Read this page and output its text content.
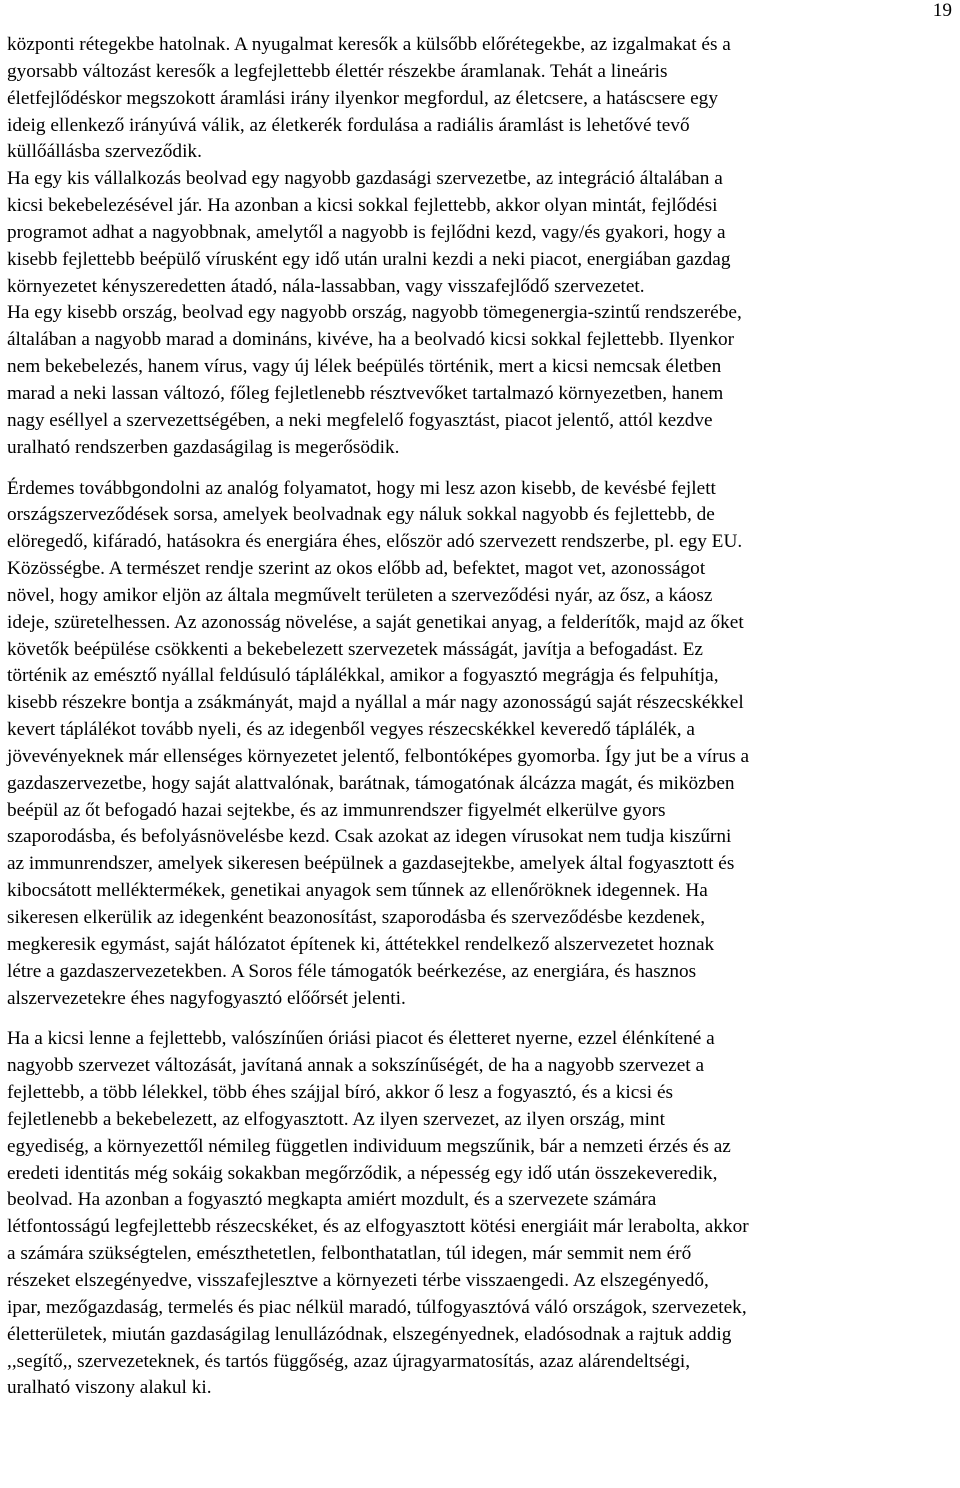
19

központi rétegekbe hatolnak. A nyugalmat keresők a külsőbb előrétegekbe, az izgalmakat és a
gyorsabb változást keresők a legfejlettebb élettér részekbe áramlanak. Tehát a lineáris
életfejlődéskor megszokott áramlási irány ilyenkor megfordul, az életcsere, a hatáscsere egy
ideig ellenkező irányúvá válik, az életkerék fordulása a radiális áramlást is lehetővé tevő
küllőállásba szerveződik.
Ha egy kis vállalkozás beolvad egy nagyobb gazdasági szervezetbe, az integráció általában a
kicsi bekebelezésével jár. Ha azonban a kicsi sokkal fejlettebb, akkor olyan mintát, fejlődési
programot adhat a nagyobbnak, amelytől a nagyobb is fejlődni kezd, vagy/és gyakori, hogy a
kisebb fejlettebb beépülő vírusként egy idő után uralni kezdi a neki piacot, energiában gazdag
környezetet kényszeredetten átadó, nála-lassabban, vagy visszafejlődő szervezetet.
Ha egy kisebb ország, beolvad egy nagyobb ország, nagyobb tömegenergia-szintű rendszerébe,
általában a nagyobb marad a domináns, kivéve, ha a beolvadó kicsi sokkal fejlettebb. Ilyenkor
nem bekebelezés, hanem vírus, vagy új lélek beépülés történik, mert a kicsi nemcsak életben
marad a neki lassan változó, főleg fejletlenebb résztvevőket tartalmazó környezetben, hanem
nagy eséllyel a szervezettségében, a neki megfelelő fogyasztást, piacot jelentő, attól kezdve
uralható rendszerben gazdaságilag is megerősödik.
Érdemes továbbgondolni az analóg folyamatot, hogy mi lesz azon kisebb, de kevésbé fejlett
országszerveződések sorsa, amelyek beolvadnak egy náluk sokkal nagyobb és fejlettebb, de
elöregedő, kifáradó, hatásokra és energiára éhes, először adó szervezett rendszerbe, pl. egy EU.
Közösségbe. A természet rendje szerint az okos előbb ad, befektet, magot vet, azonosságot
növel, hogy amikor eljön az általa megművelt területen a szerveződési nyár, az ősz, a káosz
ideje, szüretelhessen. Az azonosság növelése, a saját genetikai anyag, a felderítők, majd az őket
követők beépülése csökkenti a bekebelezett szervezetek másságát, javítja a befogadást. Ez
történik az emésztő nyállal feldúsuló táplálékkal, amikor a fogyasztó megrágja és felpuhítja,
kisebb részekre bontja a zsákmányát, majd a nyállal a már nagy azonosságú saját részecskékkel
kevert táplálékot tovább nyeli, és az idegenből vegyes részecskékkel keveredő táplálék, a
jövevényeknek már ellenséges környezetet jelentő, felbontóképes gyomorba. Így jut be a vírus a
gazdaszervezetbe, hogy saját alattvalónak, barátnak, támogatónak álcázza magát, és miközben
beépül az őt befogadó hazai sejtekbe, és az immunrendszer figyelmét elkerülve gyors
szaporodásba, és befolyásnövelésbe kezd. Csak azokat az idegen vírusokat nem tudja kiszűrni
az immunrendszer, amelyek sikeresen beépülnek a gazdasejtekbe, amelyek által fogyasztott és
kibocsátott melléktermékek, genetikai anyagok sem tűnnek az ellenőröknek idegennek. Ha
sikeresen elkerülik az idegenként beazonosítást, szaporodásba és szerveződésbe kezdenek,
megkeresik egymást, saját hálózatot építenek ki, áttétekkel rendelkező alszervezetet hoznak
létre a gazdaszervezetekben. A Soros féle támogatók beérkezése, az energiára, és hasznos
alszervezetekre éhes nagyfogyasztó előőrsét jelenti.
Ha a kicsi lenne a fejlettebb, valószínűen óriási piacot és életteret nyerne, ezzel élénkítené a
nagyobb szervezet változását, javítaná annak a sokszínűségét, de ha a nagyobb szervezet a
fejlettebb, a több lélekkel, több éhes szájjal bíró, akkor ő lesz a fogyasztó, és a kicsi és
fejletlenebb a bekebelezett, az elfogyasztott. Az ilyen szervezet, az ilyen ország, mint
egyediség, a környezettől némileg független individuum megszűnik, bár a nemzeti érzés és az
eredeti identitás még sokáig sokakban megőrződik, a népesség egy idő után összekeveredik,
beolvad. Ha azonban a fogyasztó megkapta amiért mozdult, és a szervezete számára
létfontosságú legfejlettebb részecskéket, és az elfogyasztott kötési energiáit már lerabolta, akkor
a számára szükségtelen, emészthetetlen, felbonthatatlan, túl idegen, már semmit nem érő
részeket elszegényedve, visszafejlesztve a környezeti térbe visszaengedi. Az elszegényedő,
ipar, mezőgazdaság, termelés és piac nélkül maradó, túlfogyasztóvá váló országok, szervezetek,
életterületek, miután gazdaságilag lenullázódnak, elszegényednek, eladósodnak a rajtuk addig
,,segítő,, szervezeteknek, és tartós függőség, azaz újragyarmatosítás, azaz alárendeltségi,
uralható viszony alakul ki.
